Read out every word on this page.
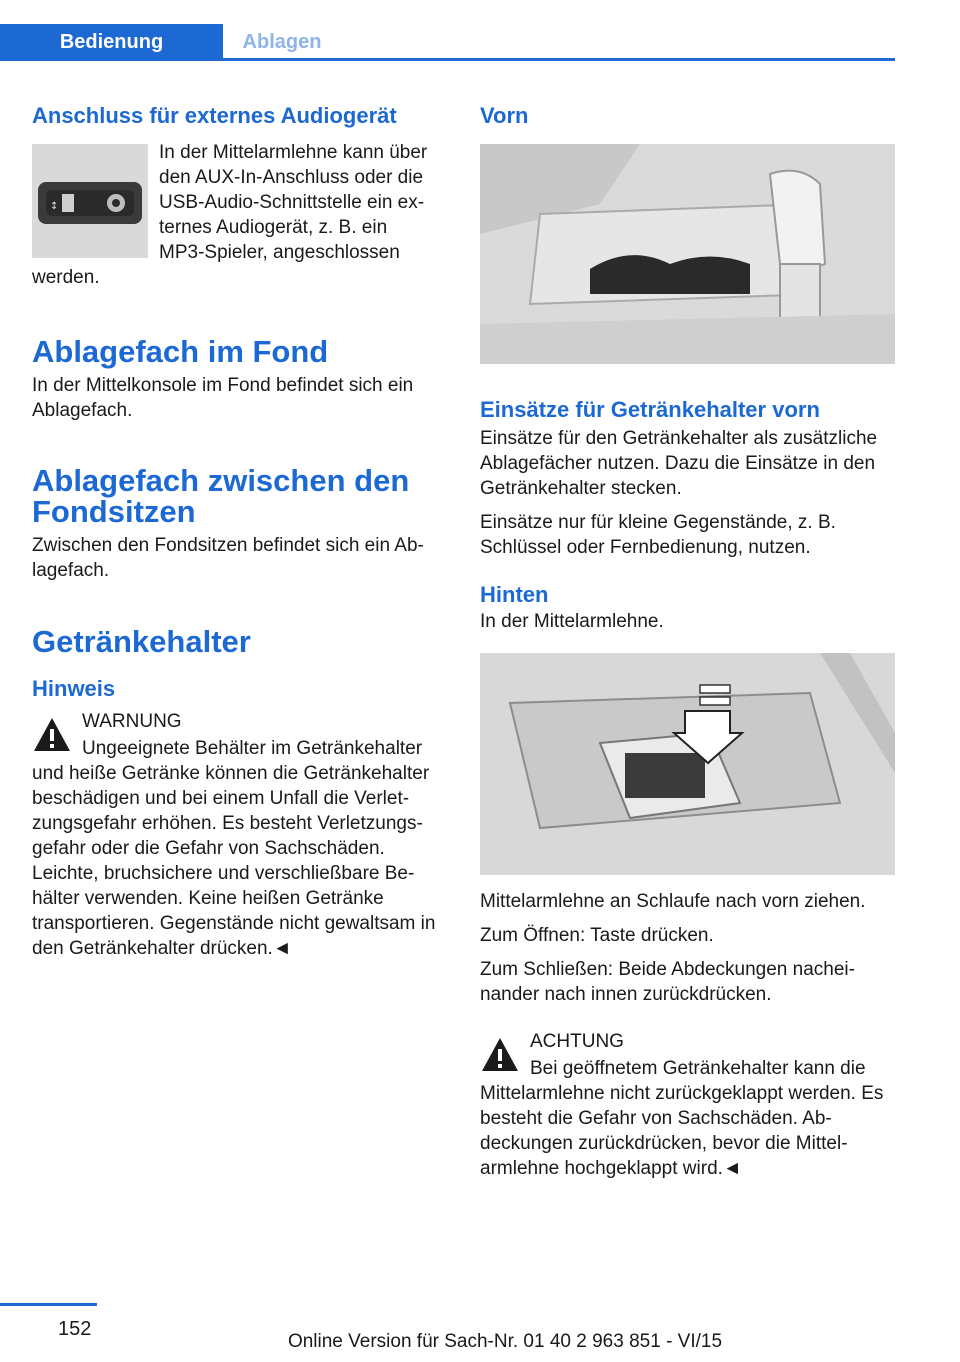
Bedienung	Ablagen
Anschluss für externes Audiogerät
↕

In der Mittelarmlehne kann über

den AUX-In-Anschluss oder die

USB-Audio-Schnittstelle ein ex-

ternes Audiogerät, z. B. ein

MP3-Spieler, angeschlossen

werden.

Ablagefach im Fond

In der Mittelkonsole im Fond befindet sich ein Ablagefach.

Ablagefach zwischen den
Fondsitzen

Zwischen den Fondsitzen befindet sich ein Ab-lagefach.

Getränkehalter
Hinweis

WARNUNG

Ungeeignete Behälter im Getränkehalter

und heiße Getränke können die Getränkehalter beschädigen und bei einem Unfall die Verlet-zungsgefahr erhöhen. Es besteht Verletzungs-gefahr oder die Gefahr von Sachschäden. Leichte, bruchsichere und verschließbare Be-hälter verwenden. Keine heißen Getränke transportieren. Gegenstände nicht gewaltsam in den Getränkehalter drücken.◄

Vorn
Einsätze für Getränkehalter vorn

Einsätze für den Getränkehalter als zusätzliche Ablagefächer nutzen. Dazu die Einsätze in den Getränkehalter stecken.

Einsätze nur für kleine Gegenstände, z. B. Schlüssel oder Fernbedienung, nutzen.

Hinten

In der Mittelarmlehne.

Mittelarmlehne an Schlaufe nach vorn ziehen.

Zum Öffnen: Taste drücken.

Zum Schließen: Beide Abdeckungen nachei-nander nach innen zurückdrücken.

ACHTUNG

Bei geöffnetem Getränkehalter kann die

Mittelarmlehne nicht zurückgeklappt werden. Es besteht die Gefahr von Sachschäden. Ab-deckungen zurückdrücken, bevor die Mittel-armlehne hochgeklappt wird.◄

152
Online Version für Sach-Nr. 01 40 2 963 851 - VI/15
